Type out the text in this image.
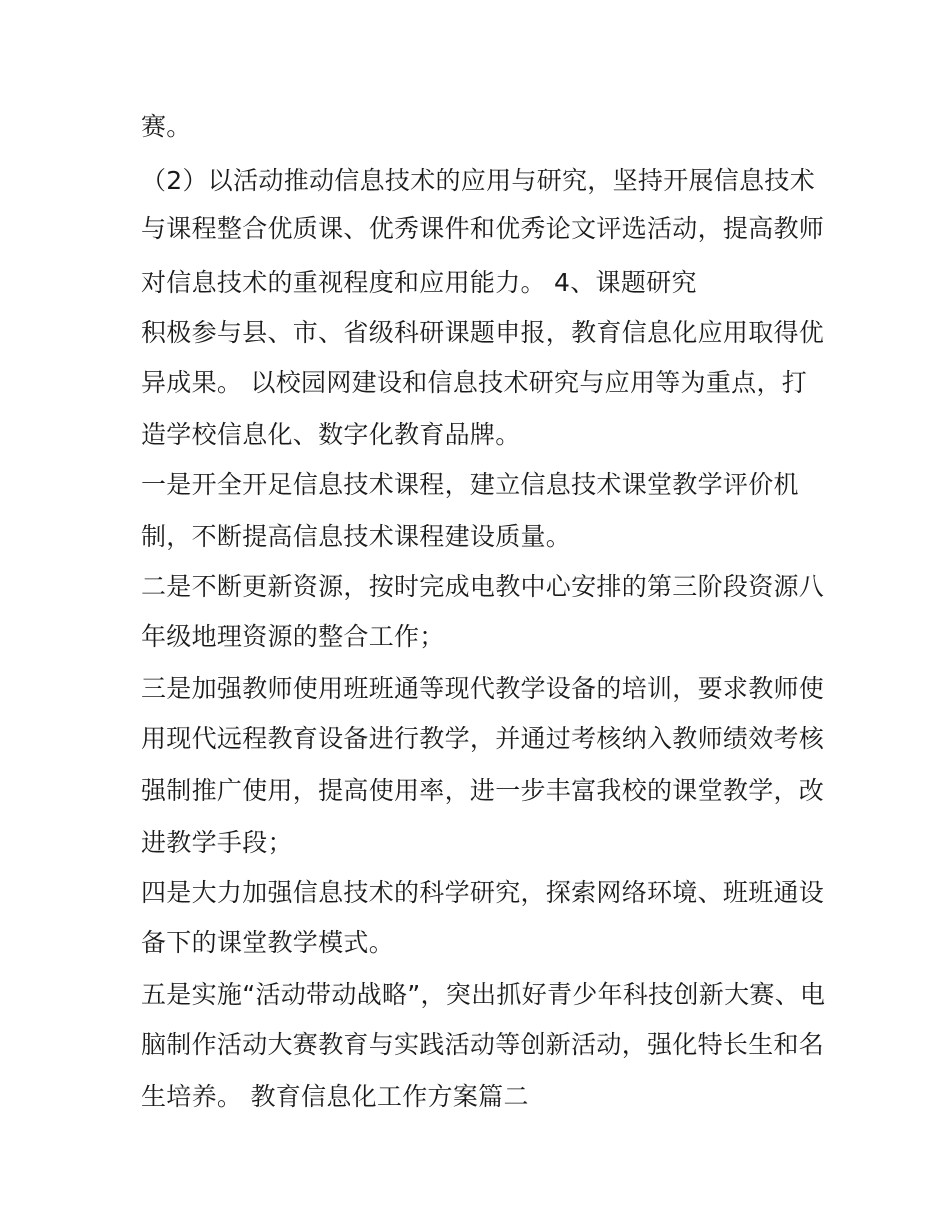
赛。
（2）以活动推动信息技术的应用与研究，坚持开展信息技术
与课程整合优质课、优秀课件和优秀论文评选活动，提高教师
对信息技术的重视程度和应用能力。 4、课题研究
积极参与县、市、省级科研课题申报，教育信息化应用取得优
异成果。 以校园网建设和信息技术研究与应用等为重点，打
造学校信息化、数字化教育品牌。
一是开全开足信息技术课程，建立信息技术课堂教学评价机
制，不断提高信息技术课程建设质量。
二是不断更新资源，按时完成电教中心安排的第三阶段资源八
年级地理资源的整合工作；
三是加强教师使用班班通等现代教学设备的培训，要求教师使
用现代远程教育设备进行教学，并通过考核纳入教师绩效考核
强制推广使用，提高使用率，进一步丰富我校的课堂教学，改
进教学手段；
四是大力加强信息技术的科学研究，探索网络环境、班班通设
备下的课堂教学模式。
五是实施“活动带动战略”，突出抓好青少年科技创新大赛、电
脑制作活动大赛教育与实践活动等创新活动，强化特长生和名
生培养。 教育信息化工作方案篇二
